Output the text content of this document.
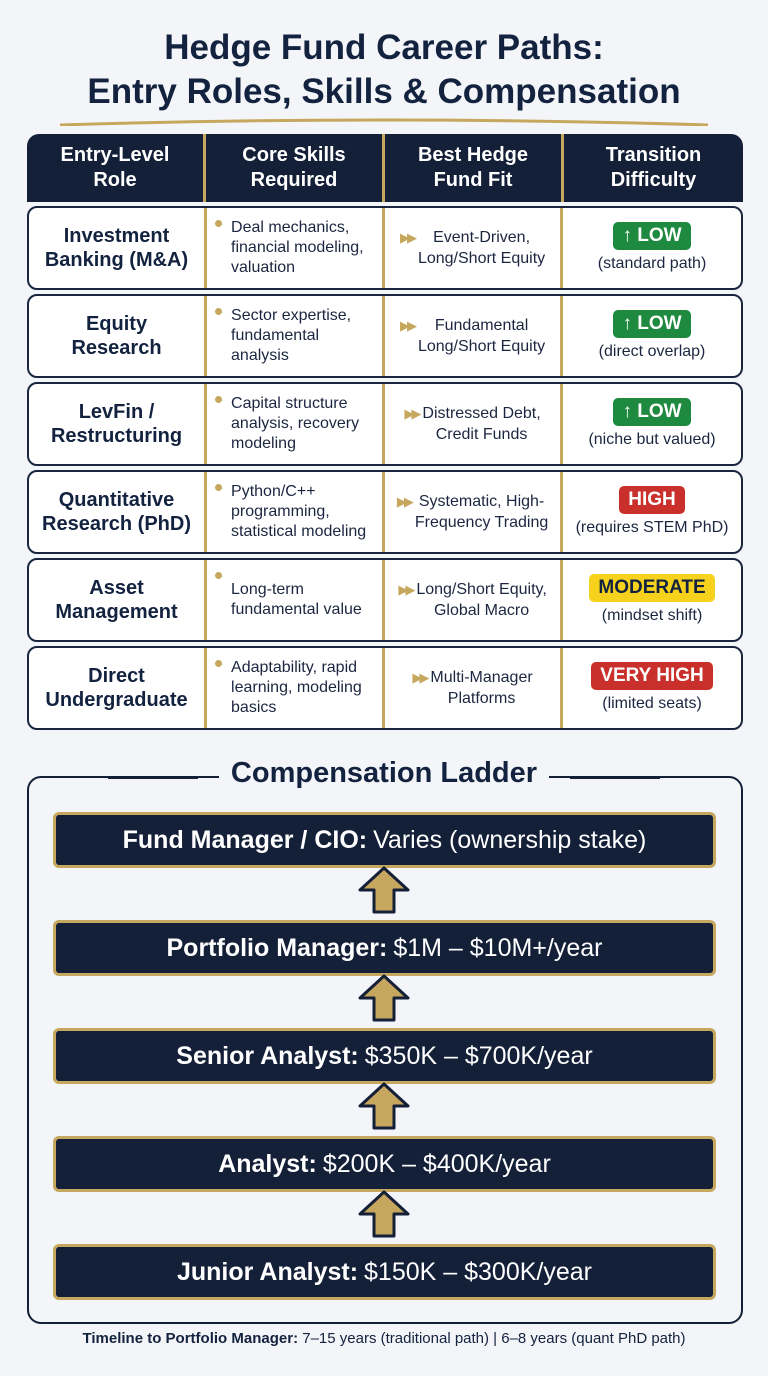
Hedge Fund Career Paths:
Entry Roles, Skills & Compensation
Entry-Level
Role
Core Skills
Required
Best Hedge
Fund Fit
Transition
Difficulty
Investment
Banking (M&A)
Deal mechanics,
financial modeling,
valuation
▶▶	Event-Driven,
Long/Short Equity
↑ LOW
(standard path)
Equity
Research
Sector expertise,
fundamental
analysis
▶▶	Fundamental
Long/Short Equity
↑ LOW
(direct overlap)
LevFin /
Restructuring
Capital structure
analysis, recovery
modeling
▶▶ Distressed Debt,
Credit Funds
↑ LOW
(niche but valued)
Quantitative
Research (PhD)
Python/C++
programming,
statistical modeling
▶▶ Systematic, High-
Frequency Trading
HIGH
(requires STEM PhD)
Asset
Management
Long-term
fundamental value
▶▶ Long/Short Equity,
Global Macro
MODERATE
(mindset shift)
Direct
Undergraduate
Adaptability, rapid
learning, modeling
basics
▶▶ Multi-Manager
Platforms
VERY HIGH
(limited seats)
Compensation Ladder
Fund Manager / CIO: Varies (ownership stake)
Portfolio Manager: $1M – $10M+/year
Senior Analyst: $350K – $700K/year
Analyst: $200K – $400K/year
Junior Analyst: $150K – $300K/year
Timeline to Portfolio Manager: 7–15 years (traditional path) | 6–8 years (quant PhD path)
